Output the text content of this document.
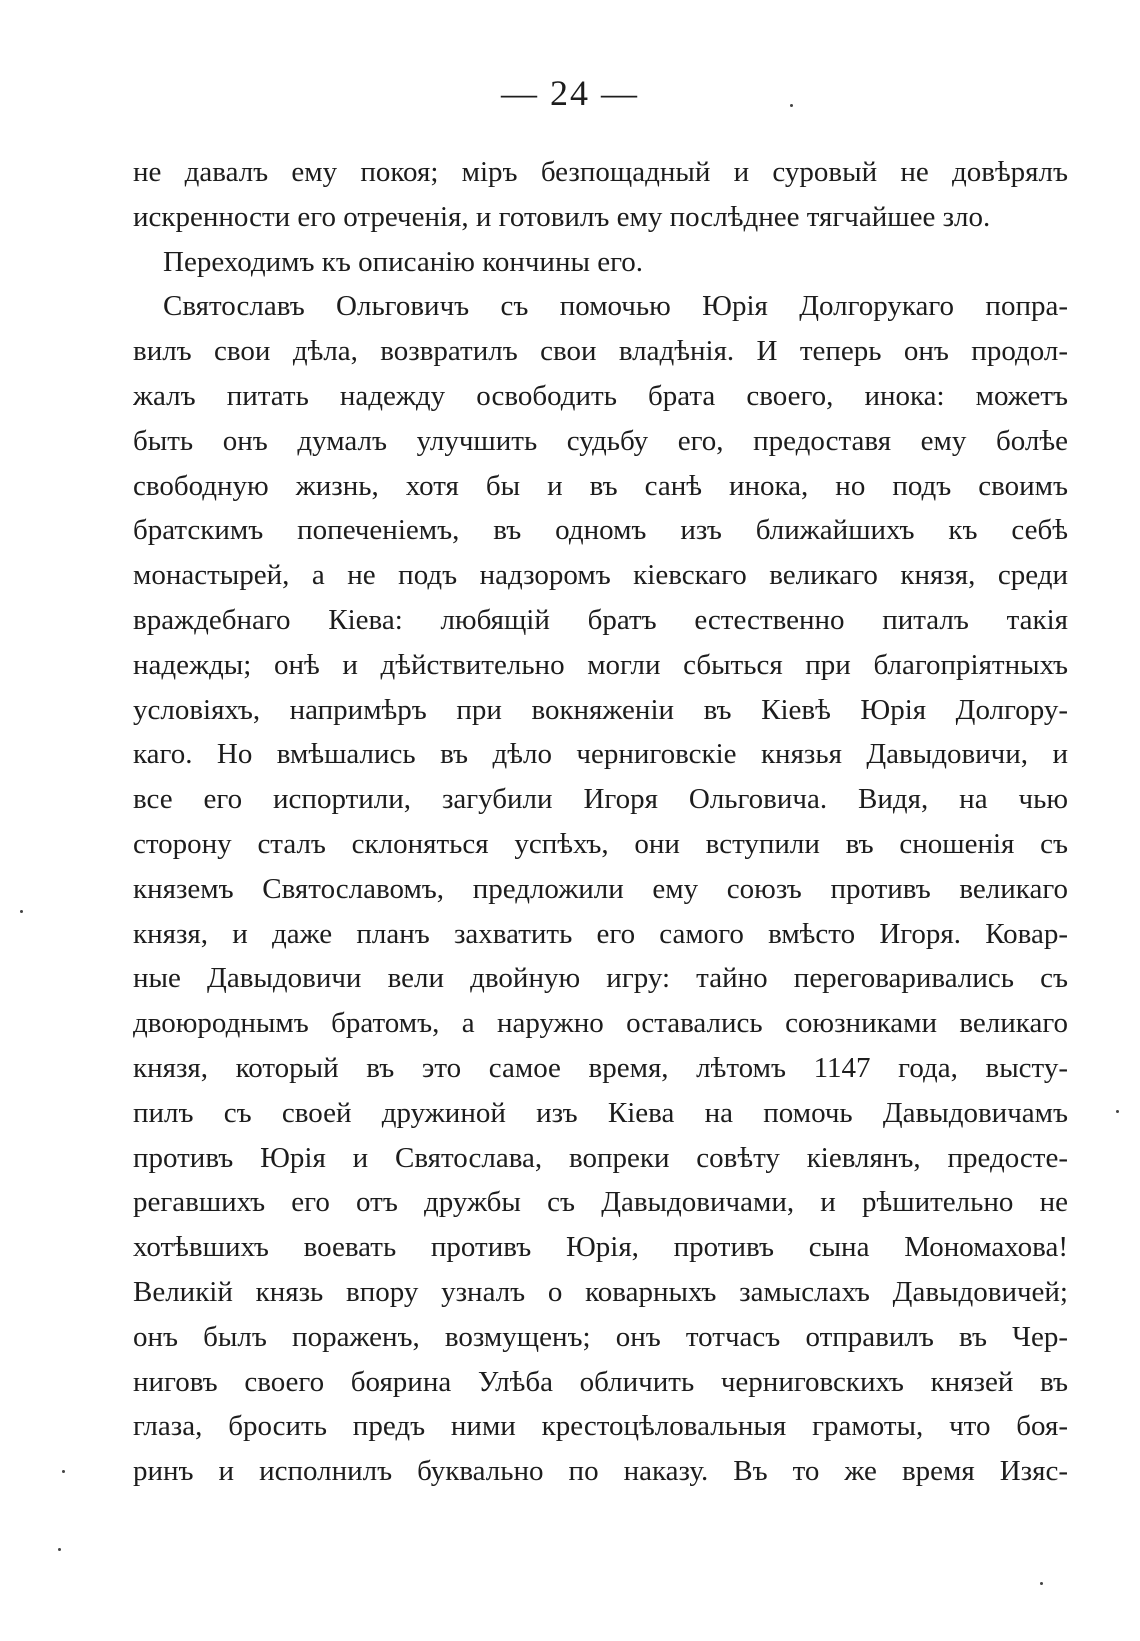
— 24 —
не давалъ ему покоя; міръ безпощадный и суровый не довѣрялъ
искренности его отреченія, и готовилъ ему послѣднее тягчайшее зло.
Переходимъ къ описанію кончины его.
Святославъ Ольговичъ съ помочью Юрія Долгорукаго попра-
вилъ свои дѣла, возвратилъ свои владѣнія. И теперь онъ продол-
жалъ питать надежду освободить брата своего, инока: можетъ
быть онъ думалъ улучшить судьбу его, предоставя ему болѣе
свободную жизнь, хотя бы и въ санѣ инока, но подъ своимъ
братскимъ попеченіемъ, въ одномъ изъ ближайшихъ къ себѣ
монастырей, а не подъ надзоромъ кіевскаго великаго князя, среди
враждебнаго Кіева: любящій братъ естественно питалъ такія
надежды; онѣ и дѣйствительно могли сбыться при благопріятныхъ
условіяхъ, напримѣръ при вокняженіи въ Кіевѣ Юрія Долгору-
каго. Но вмѣшались въ дѣло черниговскіе князья Давыдовичи, и
все его испортили, загубили Игоря Ольговича. Видя, на чью
сторону сталъ склоняться успѣхъ, они вступили въ сношенія съ
княземъ Святославомъ, предложили ему союзъ противъ великаго
князя, и даже планъ захватить его самого вмѣсто Игоря. Ковар-
ные Давыдовичи вели двойную игру: тайно переговаривались съ
двоюроднымъ братомъ, а наружно оставались союзниками великаго
князя, который въ это самое время, лѣтомъ 1147 года, высту-
пилъ съ своей дружиной изъ Кіева на помочь Давыдовичамъ
противъ Юрія и Святослава, вопреки совѣту кіевлянъ, предосте-
регавшихъ его отъ дружбы съ Давыдовичами, и рѣшительно не
хотѣвшихъ воевать противъ Юрія, противъ сына Мономахова!
Великій князь впору узналъ о коварныхъ замыслахъ Давыдовичей;
онъ былъ пораженъ, возмущенъ; онъ тотчасъ отправилъ въ Чер-
ниговъ своего боярина Улѣба обличить черниговскихъ князей въ
глаза, бросить предъ ними крестоцѣловальныя грамоты, что боя-
ринъ и исполнилъ буквально по наказу. Въ то же время Изяс-
